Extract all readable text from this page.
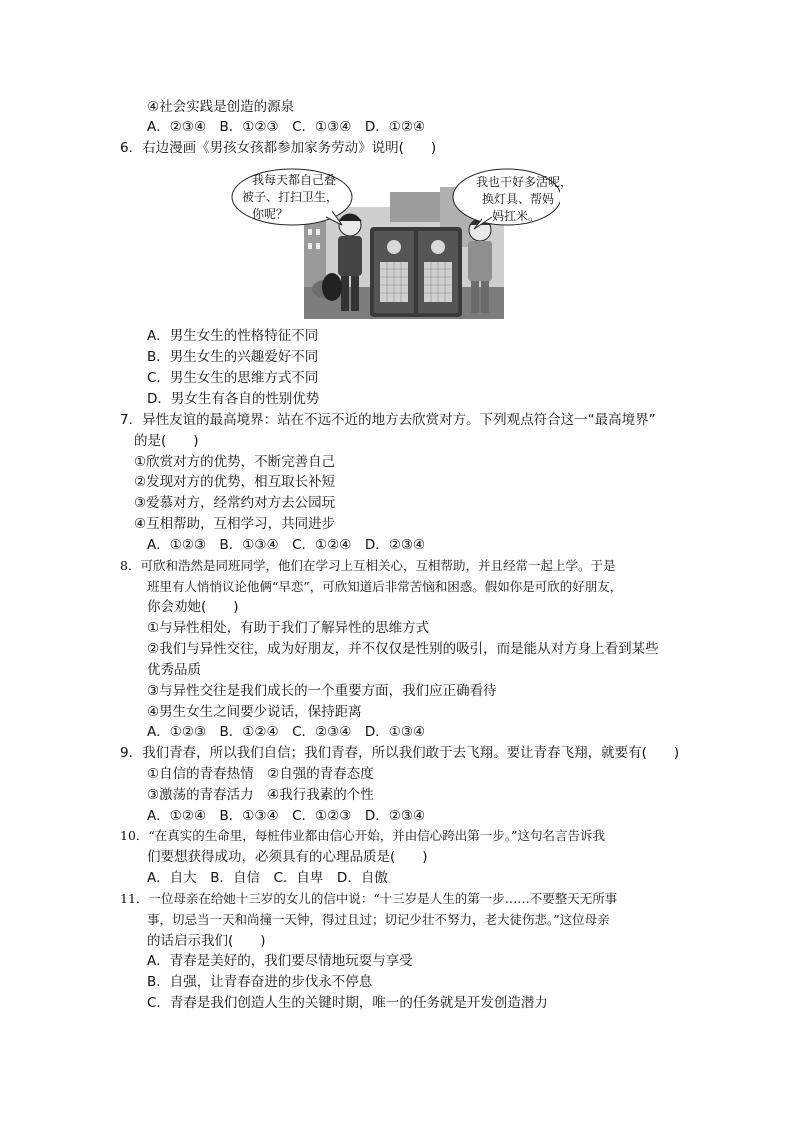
④社会实践是创造的源泉
A．②③④　B．①②③　C．①③④　D．①②④
6．右边漫画《男孩女孩都参加家务劳动》说明(　　)
我每天都自己叠
被子、打扫卫生，
你呢？
我也干好多活呢，
换灯具、帮妈
妈扛米。
A．男生女生的性格特征不同
B．男生女生的兴趣爱好不同
C．男生女生的思维方式不同
D．男女生有各自的性别优势
7．异性友谊的最高境界：站在不远不近的地方去欣赏对方。下列观点符合这一“最高境界”
的是(　　)
①欣赏对方的优势，不断完善自己
②发现对方的优势，相互取长补短
③爱慕对方，经常约对方去公园玩
④互相帮助，互相学习，共同进步
A．①②③　B．①③④　C．①②④　D．②③④
8．可欣和浩然是同班同学，他们在学习上互相关心，互相帮助，并且经常一起上学。于是
班里有人悄悄议论他俩“早恋”，可欣知道后非常苦恼和困惑。假如你是可欣的好朋友，
你会劝她(　　)
①与异性相处，有助于我们了解异性的思维方式
②我们与异性交往，成为好朋友，并不仅仅是性别的吸引，而是能从对方身上看到某些
优秀品质
③与异性交往是我们成长的一个重要方面，我们应正确看待
④男生女生之间要少说话，保持距离
A．①②③　B．①②④　C．②③④　D．①③④
9．我们青春，所以我们自信；我们青春，所以我们敢于去飞翔。要让青春飞翔，就要有(　　)
①自信的青春热情　②自强的青春态度
③激荡的青春活力　④我行我素的个性
A．①②④　B．①③④　C．①②③　D．②③④
10．“在真实的生命里，每桩伟业都由信心开始，并由信心跨出第一步。”这句名言告诉我
们要想获得成功，必须具有的心理品质是(　　)
A．自大　B．自信　C．自卑　D．自傲
11．一位母亲在给她十三岁的女儿的信中说：“十三岁是人生的第一步……不要整天无所事
事，切忌当一天和尚撞一天钟，得过且过；切记少壮不努力，老大徒伤悲。”这位母亲
的话启示我们(　　)
A．青春是美好的，我们要尽情地玩耍与享受
B．自强，让青春奋进的步伐永不停息
C．青春是我们创造人生的关键时期，唯一的任务就是开发创造潜力
